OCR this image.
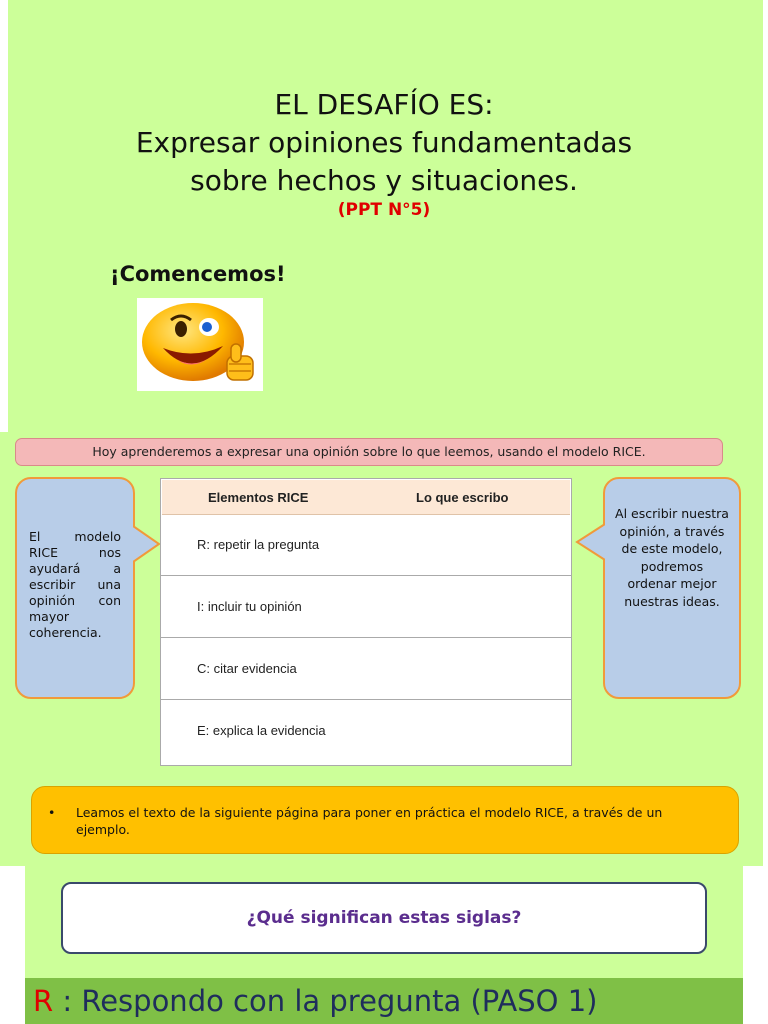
EL DESAFÍO ES:
Expresar opiniones fundamentadas
sobre hechos y situaciones.
(PPT N°5)
¡Comencemos!
Hoy aprenderemos a expresar una opinión sobre lo que leemos, usando el modelo RICE.
El modelo RICE nos ayudará a escribir una opinión con mayor coherencia.
Al escribir nuestra opinión, a través de este modelo, podremos ordenar mejor nuestras ideas.
Elementos RICE	Lo que escribo
R: repetir la pregunta
I: incluir tu opinión
C: citar evidencia
E: explica la evidencia
• Leamos el texto de la siguiente página para poner en práctica el modelo RICE, a través de un ejemplo.
¿Qué significan estas siglas?
R : Respondo con la pregunta (PASO 1)
